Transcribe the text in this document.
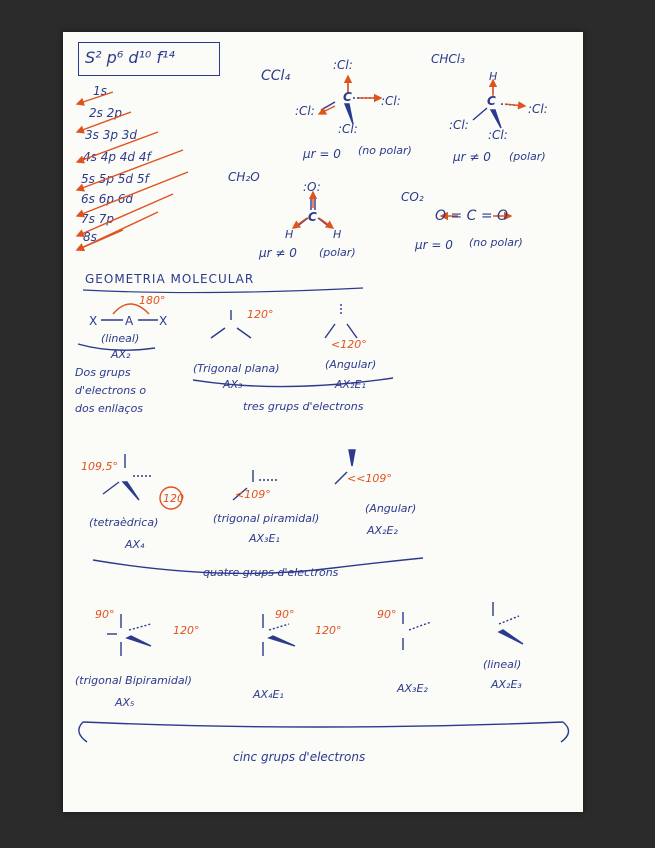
S² p⁶ d¹⁰ f¹⁴
1s
2s 2p
3s 3p 3d
4s 4p 4d 4f
5s 5p 5d 5f
6s 6p 6d
7s 7p
8s
CCl₄
:Cl:
C
:Cl:
:Cl:
:Cl:
μr = 0 (no polar)
CHCl₃
H
C
:Cl:
:Cl:
:Cl:
μr ≠ 0 (polar)
CH₂O
:O:
C
H	H
μr ≠ 0 (polar)
CO₂
O = C = O
μr = 0 (no polar)
GEOMETRIA MOLECULAR
180°
X A X
(lineal)
AX₂
Dos grups
d'electrons o
dos enllaços
120°
(Trigonal plana)
AX₃
<120°
(Angular)
AX₂E₁
tres grups d'electrons
109,5°
120
(tetraèdrica)
AX₄
<109°
(trigonal piramidal)
AX₃E₁
<<109°
(Angular)
AX₂E₂
quatre grups d'electrons
90°
120°
(trigonal Bipiramidal)
AX₅
90°
120°
AX₄E₁
90°
AX₃E₂
(lineal)
AX₂E₃
cinc grups d'electrons
